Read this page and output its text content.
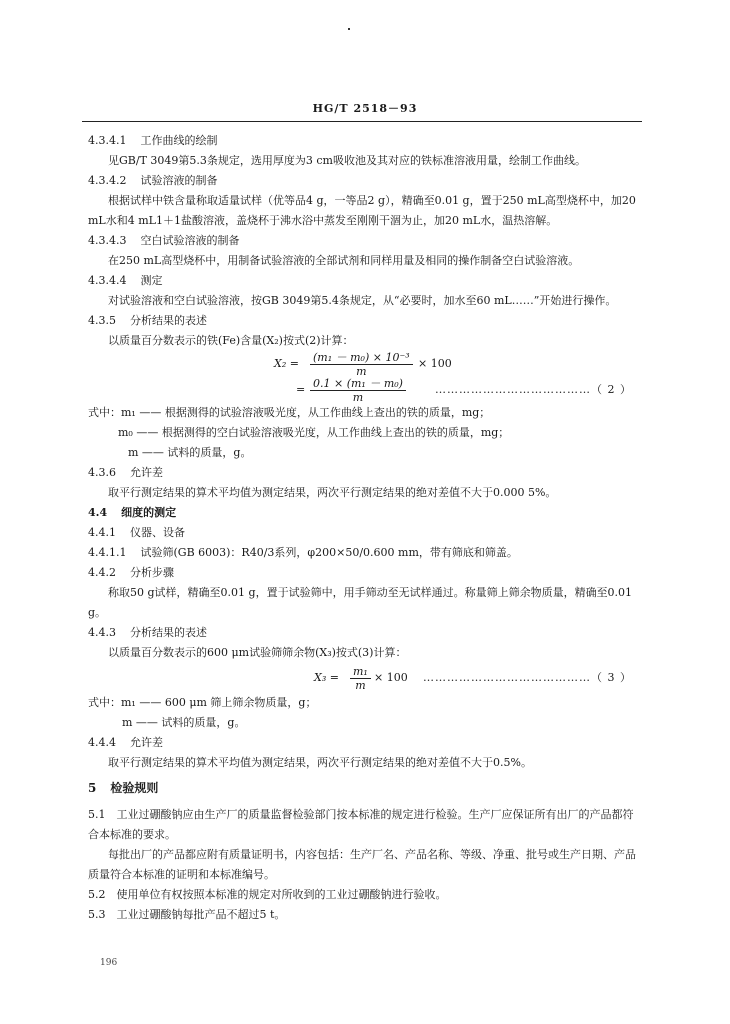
HG/T 2518－93
4.3.4.1 工作曲线的绘制
见GB/T 3049第5.3条规定，选用厚度为3 cm吸收池及其对应的铁标准溶液用量，绘制工作曲线。
4.3.4.2 试验溶液的制备
根据试样中铁含量称取适量试样（优等品4 g，一等品2 g），精确至0.01 g，置于250 mL高型烧杯中，加20 mL水和4 mL1＋1盐酸溶液，盖烧杯于沸水浴中蒸发至刚刚干涸为止，加20 mL水，温热溶解。
4.3.4.3 空白试验溶液的制备
在250 mL高型烧杯中，用制备试验溶液的全部试剂和同样用量及相同的操作制备空白试验溶液。
4.3.4.4 测定
对试验溶液和空白试验溶液，按GB 3049第5.4条规定，从“必要时，加水至60 mL……”开始进行操作。
4.3.5 分析结果的表述
以质量百分数表示的铁(Fe)含量(X₂)按式(2)计算：
$X_2 = \frac{\text{(m₁ － m₀) × 10⁻³}}{m} \times 100$
= $\frac{\text{0.1 × (m₁ － m₀)}}{m}$	…………………………………（ 2 ）
式中：m₁ —— 根据测得的试验溶液吸光度，从工作曲线上查出的铁的质量，mg；
m₀ —— 根据测得的空白试验溶液吸光度，从工作曲线上查出的铁的质量，mg；
m —— 试料的质量，g。
4.3.6 允许差
取平行测定结果的算术平均值为测定结果，两次平行测定结果的绝对差值不大于0.000 5%。
4.4 细度的测定
4.4.1 仪器、设备
4.4.1.1 试验筛(GB 6003)：R40/3系列，φ200×50/0.600 mm，带有筛底和筛盖。
4.4.2 分析步骤
称取50 g试样，精确至0.01 g，置于试验筛中，用手筛动至无试样通过。称量筛上筛余物质量，精确至0.01 g。
4.4.3 分析结果的表述
以质量百分数表示的600 μm试验筛筛余物(X₃)按式(3)计算：
$X_3 = \frac{\text{m₁}}{m} \times 100$ ……………………………………（ 3 ）
式中：m₁ —— 600 μm 筛上筛余物质量，g；
m —— 试料的质量，g。
4.4.4 允许差
取平行测定结果的算术平均值为测定结果，两次平行测定结果的绝对差值不大于0.5%。
5 检验规则
5.1　工业过硼酸钠应由生产厂的质量监督检验部门按本标准的规定进行检验。生产厂应保证所有出厂的产品都符合本标准的要求。
每批出厂的产品都应附有质量证明书，内容包括：生产厂名、产品名称、等级、净重、批号或生产日期、产品质量符合本标准的证明和本标准编号。
5.2　使用单位有权按照本标准的规定对所收到的工业过硼酸钠进行验收。
5.3　工业过硼酸钠每批产品不超过5 t。
196
